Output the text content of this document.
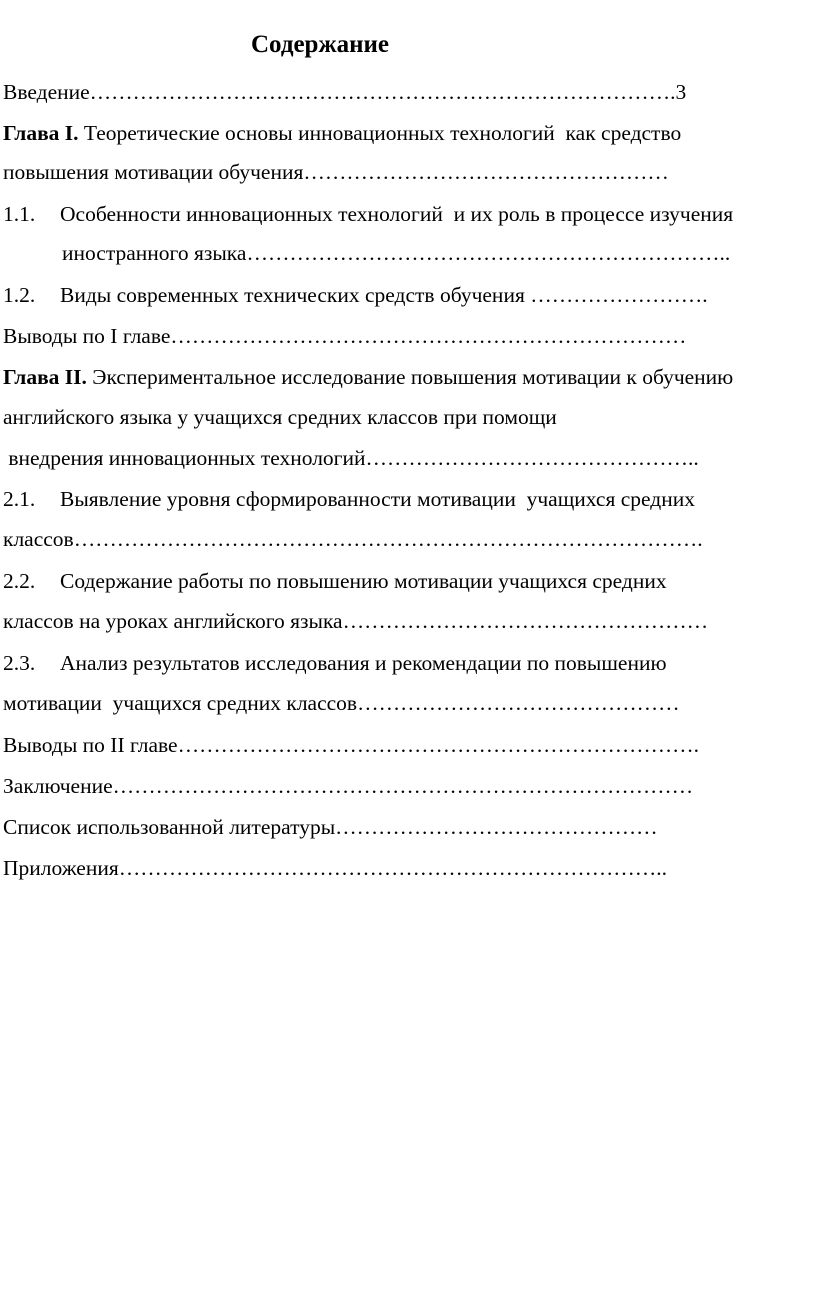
Содержание
Введение……………………………………………………………………….3
Глава I. Теоретические основы инновационных технологий  как средство
повышения мотивации обучения……………………………………………
1.1. Особенности инновационных технологий  и их роль в процессе изучения
иностранного языка…………………………………………………………..
1.2. Виды современных технических средств обучения …………………….
Выводы по I главе………………………………………………………………
Глава II. Экспериментальное исследование повышения мотивации к обучению
английского языка у учащихся средних классов при помощи
внедрения инновационных технологий………………………………………..
2.1. Выявление уровня сформированности мотивации  учащихся средних
классов…………………………………………………………………………….
2.2. Содержание работы по повышению мотивации учащихся средних
классов на уроках английского языка……………………………………………
2.3. Анализ результатов исследования и рекомендации по повышению
мотивации  учащихся средних классов………………………………………
Выводы по II главе……………………………………………………………….
Заключение………………………………………………………………………
Список использованной литературы………………………………………
Приложения…………………………………………………………………..
